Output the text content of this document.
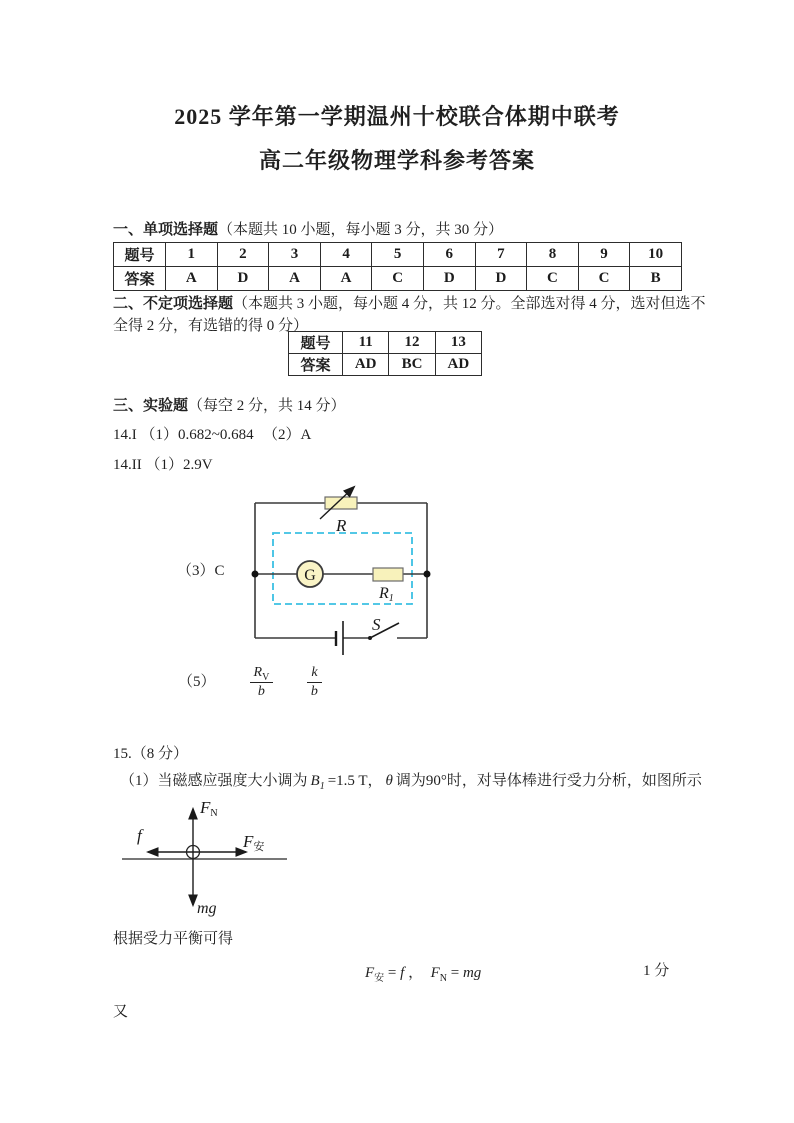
2025 学年第一学期温州十校联合体期中联考
高二年级物理学科参考答案
一、单项选择题（本题共 10 小题，每小题 3 分，共 30 分）
题号	1	2	3	4	5	6	7	8	9	10
答案	A	D	A	A	C	D	D	C	C	B
二、不定项选择题（本题共 3 小题，每小题 4 分，共 12 分。全部选对得 4 分，选对但选不
全得 2 分，有选错的得 0 分）
题号	11	12	13
答案	AD	BC	AD
三、实验题（每空 2 分，共 14 分）
14.I （1）0.682~0.684 （2）A
14.II （1）2.9V
（3）C
R
G
R1
S
$(5) \frac{R_V}{b} \frac{k}{b}$
15.（8 分）
（1）当磁感应强度大小调为 $B_1 =1.5$ T， θ 调为90°时，对导体棒进行受力分析，如图所示
FN
f	F安
mg
根据受力平衡可得
$F_安 = f$ ， $F_N$ = mg	1 分
又
